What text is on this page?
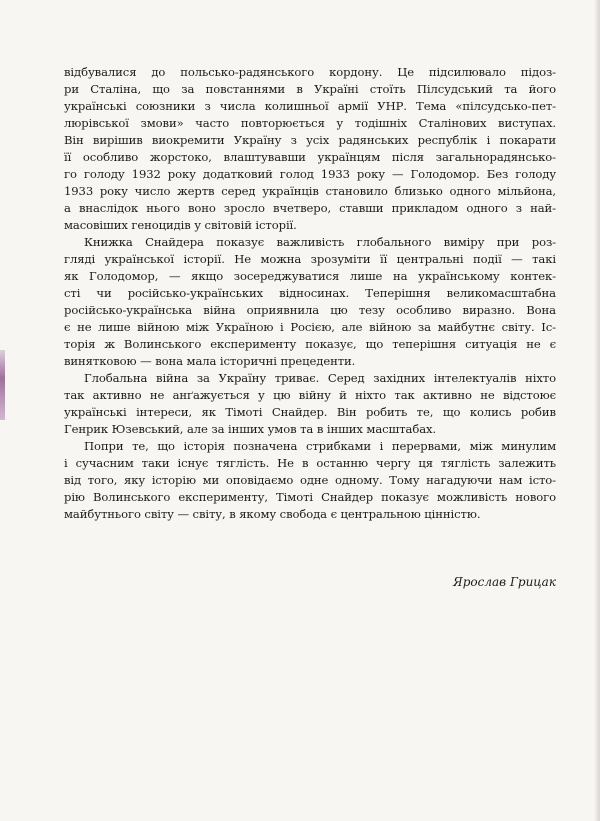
відбувалися до польсько-радянського кордону. Це підсилювало підоз-
ри Сталіна, що за повстаннями в Україні стоїть Пілсудський та його
українські союзники з числа колишньої армії УНР. Тема «пілсудсько-пет-
люрівської змови» часто повторюється у тодішніх Сталінових виступах.
Він вирішив виокремити Україну з усіх радянських республік і покарати
її особливо жорстоко, влаштувавши українцям після загальнорадянсько-
го голоду 1932 року додатковий голод 1933 року — Голодомор. Без голоду
1933 року число жертв серед українців становило близько одного мільйона,
а внаслідок нього воно зросло вчетверо, ставши прикладом одного з най-
масовіших геноцидів у світовій історії.
Книжка Снайдера показує важливість глобального виміру при роз-
гляді української історії. Не можна зрозуміти її центральні події — такі
як Голодомор, — якщо зосереджуватися лише на українському контек-
сті чи російсько-українських відносинах. Теперішня великомасштабна
російсько-українська війна оприявнила цю тезу особливо виразно. Вона
є не лише війною між Україною і Росією, але війною за майбутнє світу. Іс-
торія ж Волинського експерименту показує, що теперішня ситуація не є
винятковою — вона мала історичні прецеденти.
Глобальна війна за Україну триває. Серед західних інтелектуалів ніхто
так активно не анґажується у цю війну й ніхто так активно не відстоює
українські інтереси, як Тімоті Снайдер. Він робить те, що колись робив
Генрик Юзевський, але за інших умов та в інших масштабах.
Попри те, що історія позначена стрибками і перервами, між минулим
і сучасним таки існує тяглість. Не в останню чергу ця тяглість залежить
від того, яку історію ми оповідаємо одне одному. Тому нагадуючи нам істо-
рію Волинського експерименту, Тімоті Снайдер показує можливість нового
майбутнього світу — світу, в якому свобода є центральною цінністю.
Ярослав Грицак
